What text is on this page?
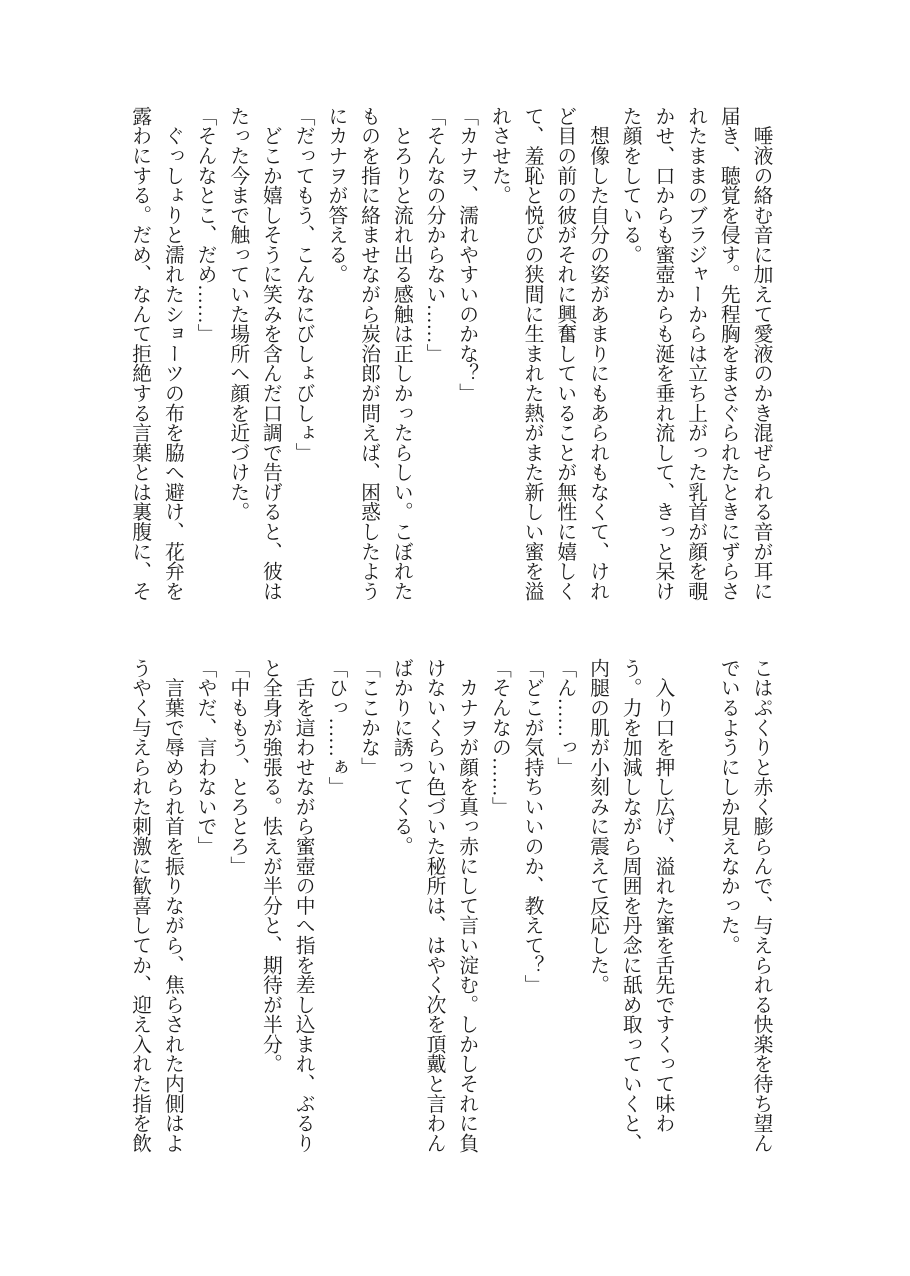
　唾液の絡む音に加えて愛液のかき混ぜられる音が耳に届き、聴覚を侵す。先程胸をまさぐられたときにずらされたままのブラジャーからは立ち上がった乳首が顔を覗かせ、口からも蜜壺からも涎を垂れ流して、きっと呆けた顔をしている。

　想像した自分の姿があまりにもあられもなくて、けれど目の前の彼がそれに興奮していることが無性に嬉しくて、羞恥と悦びの狭間に生まれた熱がまた新しい蜜を溢れさせた。

「カナヲ、濡れやすいのかな？」

「そんなの分からない……」

　とろりと流れ出る感触は正しかったらしい。こぼれたものを指に絡ませながら炭治郎が問えば、困惑したようにカナヲが答える。

「だってもう、こんなにびしょびしょ」

　どこか嬉しそうに笑みを含んだ口調で告げると、彼はたった今まで触っていた場所へ顔を近づけた。

「そんなとこ、だめ……」

　ぐっしょりと濡れたショーツの布を脇へ避け、花弁を露わにする。だめ、なんて拒絶する言葉とは裏腹に、そ

こはぷくりと赤く膨らんで、与えられる快楽を待ち望んでいるようにしか見えなかった。

　入り口を押し広げ、溢れた蜜を舌先ですくって味わう。力を加減しながら周囲を丹念に舐め取っていくと、内腿の肌が小刻みに震えて反応した。

「ん……っ」

「どこが気持ちいいのか、教えて？」

「そんなの……」

　カナヲが顔を真っ赤にして言い淀む。しかしそれに負けないくらい色づいた秘所は、はやく次を頂戴と言わんばかりに誘ってくる。

「ここかな」

「ひっ……ぁ」

　舌を這わせながら蜜壺の中へ指を差し込まれ、ぶるりと全身が強張る。怯えが半分と、期待が半分。

「中ももう、とろとろ」

「やだ、言わないで」

　言葉で辱められ首を振りながら、焦らされた内側はようやく与えられた刺激に歓喜してか、迎え入れた指を飲
